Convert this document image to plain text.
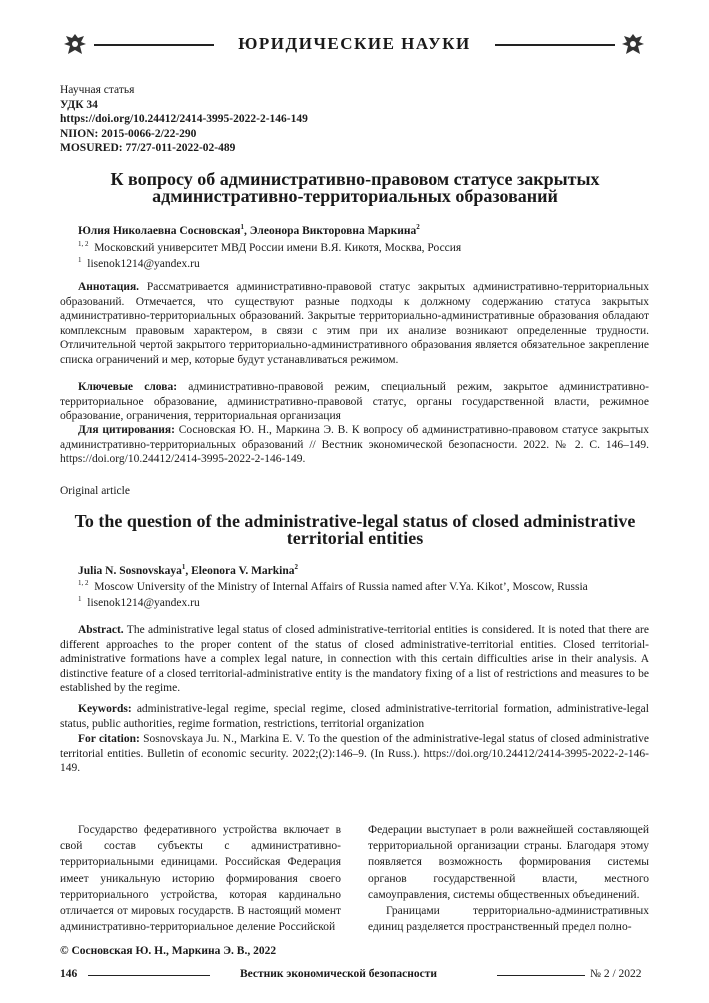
ЮРИДИЧЕСКИЕ НАУКИ
Научная статья
УДК 34
https://doi.org/10.24412/2414-3995-2022-2-146-149
NIION: 2015-0066-2/22-290
MOSURED: 77/27-011-2022-02-489
К вопросу об административно-правовом статусе закрытых административно-территориальных образований
Юлия Николаевна Сосновская$^1$, Элеонора Викторовна Маркина$^2$
$^{1, 2}$ Московский университет МВД России имени В.Я. Кикотя, Москва, Россия
$^1$ lisenok1214@yandex.ru
Аннотация. Рассматривается административно-правовой статус закрытых административно-территориальных образований. Отмечается, что существуют разные подходы к должному содержанию статуса закрытых административно-территориальных образований. Закрытые территориально-административные образования обладают комплексным правовым характером, в связи с этим при их анализе возникают определенные трудности. Отличительной чертой закрытого территориально-административного образования является обязательное закрепление списка ограничений и мер, которые будут устанавливаться режимом.
Ключевые слова: административно-правовой режим, специальный режим, закрытое административно-территориальное образование, административно-правовой статус, органы государственной власти, режимное образование, ограничения, территориальная организация
Для цитирования: Сосновская Ю. Н., Маркина Э. В. К вопросу об административно-правовом статусе закрытых административно-территориальных образований // Вестник экономической безопасности. 2022. № 2. С. 146–149. https://doi.org/10.24412/2414-3995-2022-2-146-149.
Original article
To the question of the administrative-legal status of closed administrative territorial entities
Julia N. Sosnovskaya$^1$, Eleonora V. Markina$^2$
$^{1, 2}$ Moscow University of the Ministry of Internal Affairs of Russia named after V.Ya. Kikot’, Moscow, Russia
$^1$ lisenok1214@yandex.ru
Abstract. The administrative legal status of closed administrative-territorial entities is considered. It is noted that there are different approaches to the proper content of the status of closed administrative-territorial entities. Closed territorial-administrative formations have a complex legal nature, in connection with this certain difficulties arise in their analysis. A distinctive feature of a closed territorial-administrative entity is the mandatory fixing of a list of restrictions and measures to be established by the regime.
Keywords: administrative-legal regime, special regime, closed administrative-territorial formation, administrative-legal status, public authorities, regime formation, restrictions, territorial organization
For citation: Sosnovskaya Ju. N., Markina E. V. To the question of the administrative-legal status of closed administrative territorial entities. Bulletin of economic security. 2022;(2):146–9. (In Russ.). https://doi.org/10.24412/2414-3995-2022-2-146-149.

Государство федеративного устройства включает в свой состав субъекты с административно-территориальными единицами. Российская Федерация имеет уникальную историю формирования своего территориального устройства, которая кардинально отличается от мировых государств. В настоящий момент административно-территориальное деление Российской

Федерации выступает в роли важнейшей составляющей территориальной организации страны. Благодаря этому появляется возможность формирования системы органов государственной власти, местного самоуправления, системы общественных объединений.

Границами территориально-административных единиц разделяется пространственный предел полно-

© Сосновская Ю. Н., Маркина Э. В., 2022
146	Вестник экономической безопасности	№ 2 / 2022
